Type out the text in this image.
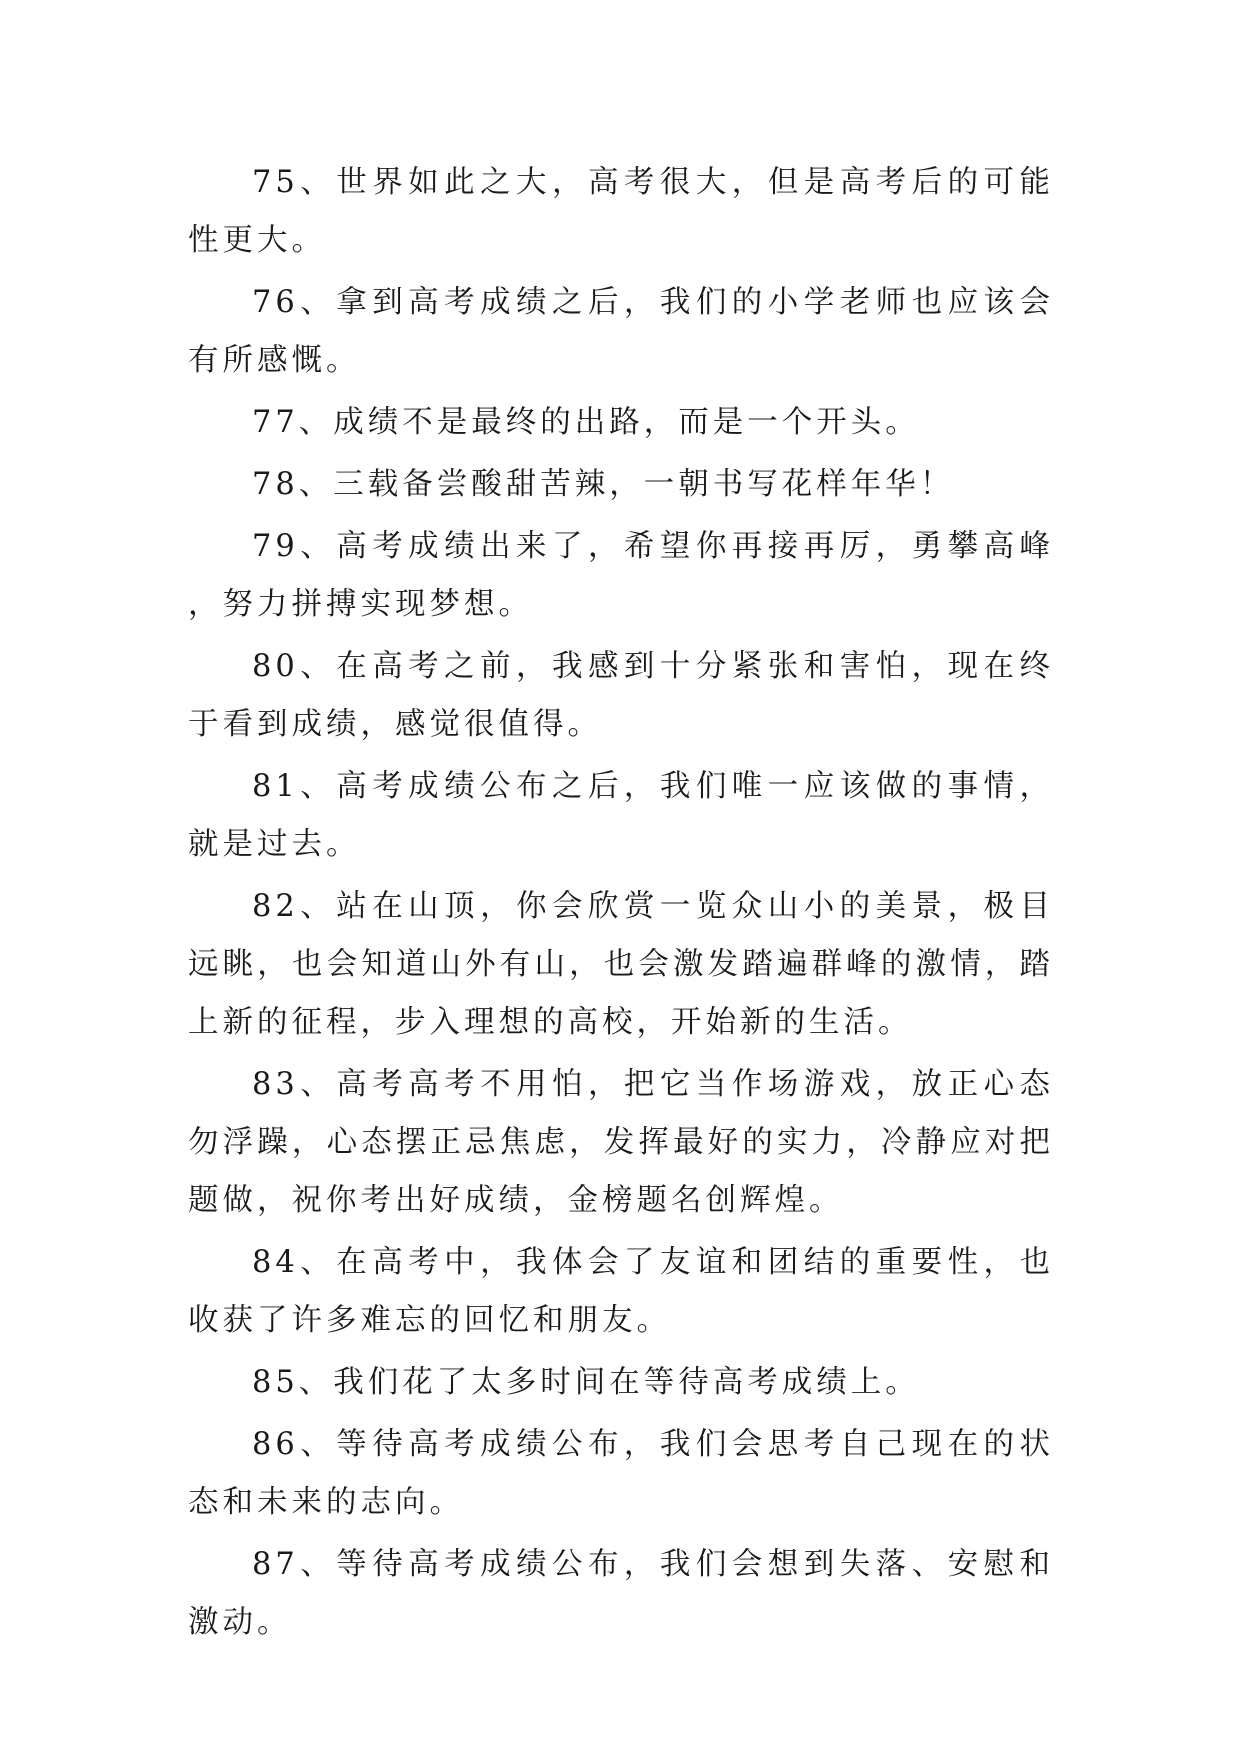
75、世界如此之大，高考很大，但是高考后的可能性更大。

76、拿到高考成绩之后，我们的小学老师也应该会有所感慨。

77、成绩不是最终的出路，而是一个开头。

78、三载备尝酸甜苦辣，一朝书写花样年华！

79、高考成绩出来了，希望你再接再厉，勇攀高峰，努力拼搏实现梦想。

80、在高考之前，我感到十分紧张和害怕，现在终于看到成绩，感觉很值得。

81、高考成绩公布之后，我们唯一应该做的事情，就是过去。

82、站在山顶，你会欣赏一览众山小的美景，极目远眺，也会知道山外有山，也会激发踏遍群峰的激情，踏上新的征程，步入理想的高校，开始新的生活。

83、高考高考不用怕，把它当作场游戏，放正心态勿浮躁，心态摆正忌焦虑，发挥最好的实力，冷静应对把题做，祝你考出好成绩，金榜题名创辉煌。

84、在高考中，我体会了友谊和团结的重要性，也收获了许多难忘的回忆和朋友。

85、我们花了太多时间在等待高考成绩上。

86、等待高考成绩公布，我们会思考自己现在的状态和未来的志向。

87、等待高考成绩公布，我们会想到失落、安慰和激动。
